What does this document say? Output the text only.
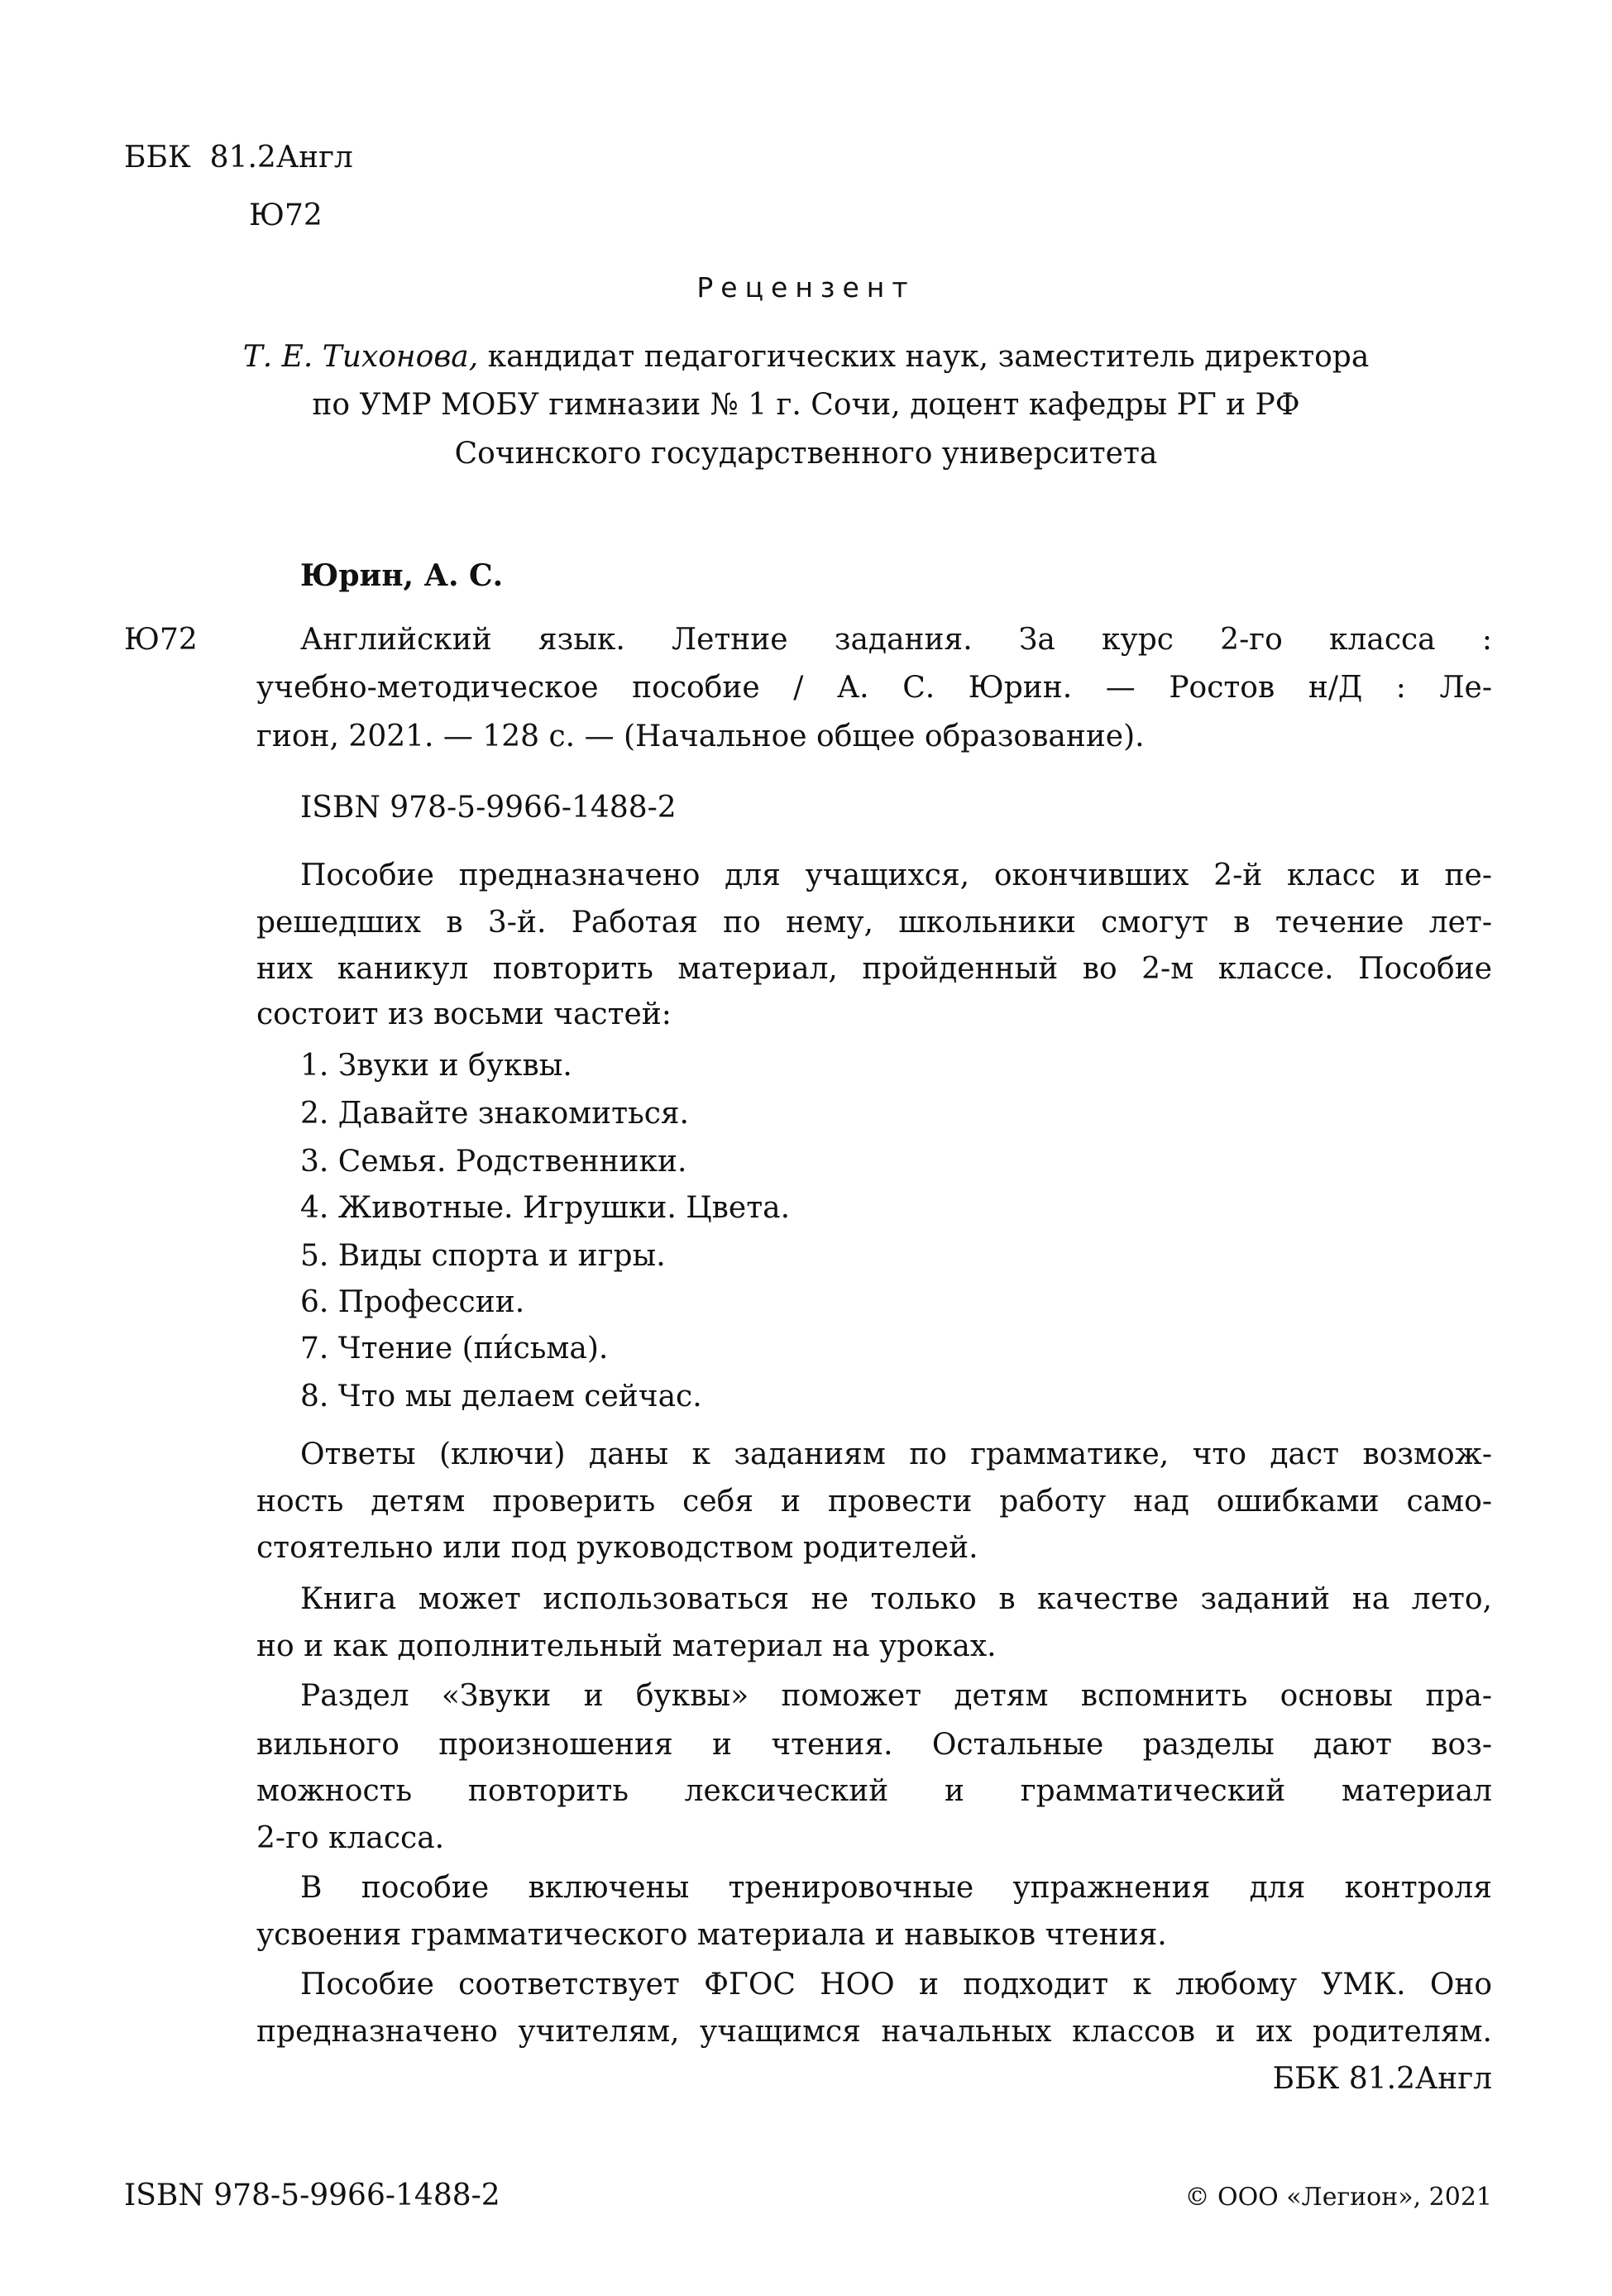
ББК  81.2Англ
Ю72
Рецензент
Т. Е. Тихонова, кандидат педагогических наук, заместитель директора
по УМР МОБУ гимназии № 1 г. Сочи, доцент кафедры РГ и РФ
Сочинского государственного университета
Юрин, А. С.
Ю72	Английский язык. Летние задания. За курс 2-го класса :
учебно-методическое пособие / А. С. Юрин. — Ростов н/Д : Ле-
гион, 2021. — 128 с. — (Начальное общее образование).
ISBN 978-5-9966-1488-2
Пособие предназначено для учащихся, окончивших 2-й класс и пе-
решедших в 3-й. Работая по нему, школьники смогут в течение лет-
них каникул повторить материал, пройденный во 2-м классе. Пособие
состоит из восьми частей:
1. Звуки и буквы.
2. Давайте знакомиться.
3. Семья. Родственники.
4. Животные. Игрушки. Цвета.
5. Виды спорта и игры.
6. Профессии.
7. Чтение (пи́сьма).
8. Что мы делаем сейчас.
Ответы (ключи) даны к заданиям по грамматике, что даст возмож-
ность детям проверить себя и провести работу над ошибками само-
стоятельно или под руководством родителей.
Книга может использоваться не только в качестве заданий на лето,
но и как дополнительный материал на уроках.
Раздел «Звуки и буквы» поможет детям вспомнить основы пра-
вильного произношения и чтения. Остальные разделы дают воз-
можность повторить лексический и грамматический материал
2-го класса.
В пособие включены тренировочные упражнения для контроля
усвоения грамматического материала и навыков чтения.
Пособие соответствует ФГОС НОО и подходит к любому УМК. Оно
предназначено учителям, учащимся начальных классов и их родителям.
ББК 81.2Англ
ISBN 978-5-9966-1488-2	© ООО «Легион», 2021
